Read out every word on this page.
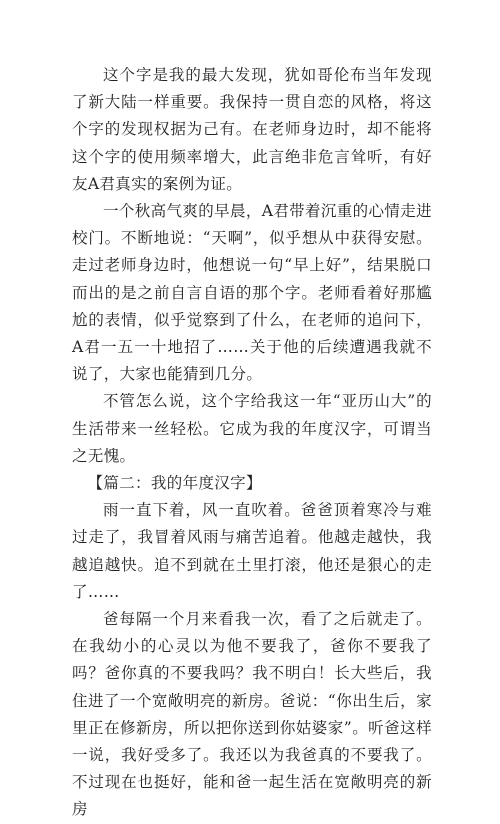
这个字是我的最大发现，犹如哥伦布当年发现了新大陆一样重要。我保持一贯自恋的风格，将这个字的发现权据为己有。在老师身边时，却不能将这个字的使用频率增大，此言绝非危言耸听，有好友A君真实的案例为证。

一个秋高气爽的早晨，A君带着沉重的心情走进校门。不断地说：“天啊”，似乎想从中获得安慰。走过老师身边时，他想说一句“早上好”，结果脱口而出的是之前自言自语的那个字。老师看着好那尴尬的表情，似乎觉察到了什么，在老师的追问下，A君一五一十地招了……关于他的后续遭遇我就不说了，大家也能猜到几分。

不管怎么说，这个字给我这一年“亚历山大”的生活带来一丝轻松。它成为我的年度汉字，可谓当之无愧。

【篇二：我的年度汉字】

雨一直下着，风一直吹着。爸爸顶着寒冷与难过走了，我冒着风雨与痛苦追着。他越走越快，我越追越快。追不到就在土里打滚，他还是狠心的走了……

爸每隔一个月来看我一次，看了之后就走了。在我幼小的心灵以为他不要我了，爸你不要我了吗？爸你真的不要我吗？我不明白！长大些后，我住进了一个宽敞明亮的新房。爸说：“你出生后，家里正在修新房，所以把你送到你姑婆家”。听爸这样一说，我好受多了。我还以为我爸真的不要我了。不过现在也挺好，能和爸一起生活在宽敞明亮的新房
